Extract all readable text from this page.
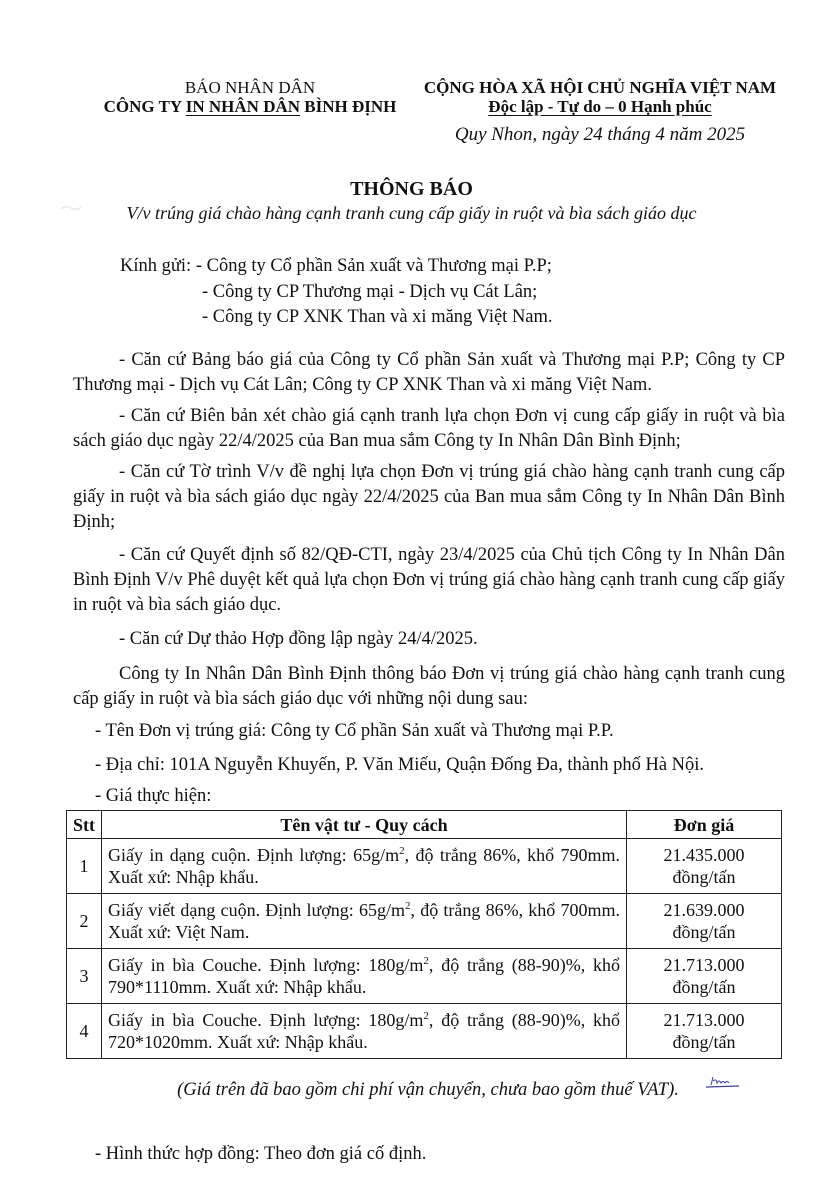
BÁO NHÂN DÂN
CÔNG TY IN NHÂN DÂN BÌNH ĐỊNH
CỘNG HÒA XÃ HỘI CHỦ NGHĨA VIỆT NAM
Độc lập - Tự do – 0 Hạnh phúc
Quy Nhon, ngày 24 tháng 4 năm 2025
THÔNG BÁO
V/v trúng giá chào hàng cạnh tranh cung cấp giấy in ruột và bìa sách giáo dục
Kính gửi: - Công ty Cổ phần Sản xuất và Thương mại P.P;
- Công ty CP Thương mại - Dịch vụ Cát Lân;
- Công ty CP XNK Than và xi măng Việt Nam.
- Căn cứ Bảng báo giá của Công ty Cổ phần Sản xuất và Thương mại P.P; Công ty CP Thương mại - Dịch vụ Cát Lân; Công ty CP XNK Than và xi măng Việt Nam.
- Căn cứ Biên bản xét chào giá cạnh tranh lựa chọn Đơn vị cung cấp giấy in ruột và bìa sách giáo dục ngày 22/4/2025 của Ban mua sắm Công ty In Nhân Dân Bình Định;
- Căn cứ Tờ trình V/v đề nghị lựa chọn Đơn vị trúng giá chào hàng cạnh tranh cung cấp giấy in ruột và bìa sách giáo dục ngày 22/4/2025 của Ban mua sắm Công ty In Nhân Dân Bình Định;
- Căn cứ Quyết định số 82/QĐ-CTI, ngày 23/4/2025 của Chủ tịch Công ty In Nhân Dân Bình Định V/v Phê duyệt kết quả lựa chọn Đơn vị trúng giá chào hàng cạnh tranh cung cấp giấy in ruột và bìa sách giáo dục.
- Căn cứ Dự thảo Hợp đồng lập ngày 24/4/2025.
Công ty In Nhân Dân Bình Định thông báo Đơn vị trúng giá chào hàng cạnh tranh cung cấp giấy in ruột và bìa sách giáo dục với những nội dung sau:
- Tên Đơn vị trúng giá: Công ty Cổ phần Sản xuất và Thương mại P.P.
- Địa chỉ: 101A Nguyễn Khuyến, P. Văn Miếu, Quận Đống Đa, thành phố Hà Nội.
- Giá thực hiện:
Stt	Tên vật tư - Quy cách	Đơn giá
1	Giấy in dạng cuộn. Định lượng: $65g/m^2$, độ trắng 86%, khổ 790mm. Xuất xứ: Nhập khẩu.	21.435.000
đồng/tấn

2	Giấy viết dạng cuộn. Định lượng: $65g/m^2$, độ trắng 86%, khổ 700mm. Xuất xứ: Việt Nam.	21.639.000
đồng/tấn

3	Giấy in bìa Couche. Định lượng: $180g/m^2$, độ trắng (88-90)%, khổ 790*1110mm. Xuất xứ: Nhập khẩu.	21.713.000
đồng/tấn

4	Giấy in bìa Couche. Định lượng: $180g/m^2$, độ trắng (88-90)%, khổ 720*1020mm. Xuất xứ: Nhập khẩu.	21.713.000
đồng/tấn
(Giá trên đã bao gồm chi phí vận chuyển, chưa bao gồm thuế VAT).
- Hình thức hợp đồng: Theo đơn giá cố định.
